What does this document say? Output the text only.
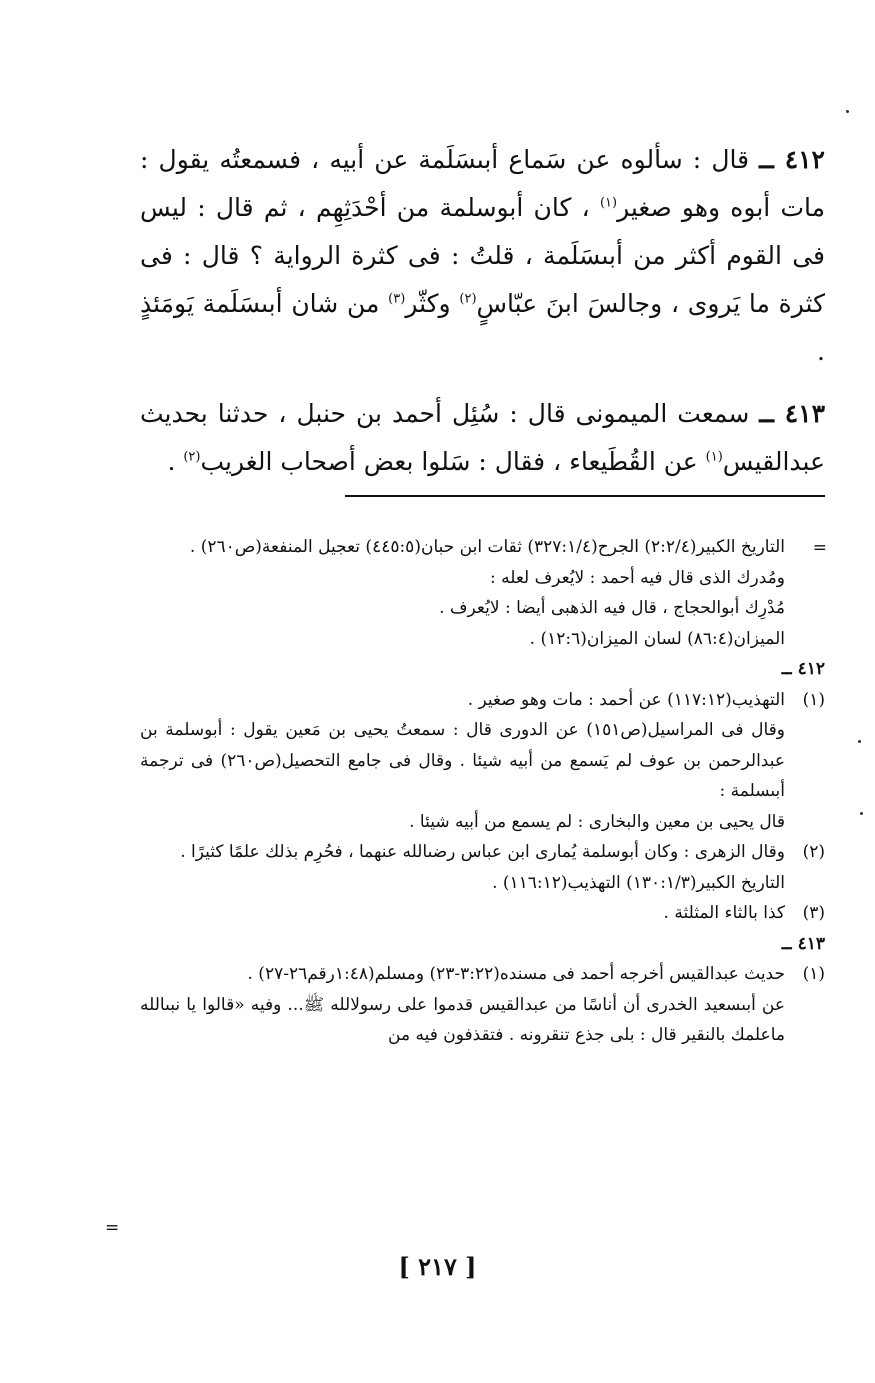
٤١٢ ــ قال : سألوه عن سَماع أبىسَلَمة عن أبيه ، فسمعتُه يقول : مات أبوه وهو صغير$^{(١)}$ ، كان أبوسلمة من أحْدَثِهِم ، ثم قال : ليس فى القوم أكثر من أبىسَلَمة ، قلتُ : فى كثرة الرواية ؟ قال : فى كثرة ما يَروى ، وجالسَ ابنَ عبّاسٍ$^{(٢)}$ وكثّر$^{(٣)}$ من شان أبىسَلَمة يَومَئذٍ .

٤١٣ ــ سمعت الميمونى قال : سُئِل أحمد بن حنبل ، حدثنا بحديث عبدالقيس$^{(١)}$ عن القُطَيعاء ، فقال : سَلوا بعض أصحاب الغريب$^{(٢)}$ .

=

التاريخ الكبير(٢:٢/٤) الجرح(٣٢٧:١/٤) ثقات ابن حبان(٤٤٥:٥) تعجيل المنفعة(ص٢٦٠) .

ومُدرك الذى قال فيه أحمد : لايُعرف لعله :

مُدْرِك أبوالحجاج ، قال فيه الذهبى أيضا : لايُعرف .

الميزان(٨٦:٤) لسان الميزان(١٢:٦) .

٤١٢ ــ

(١)

التهذيب(١١٧:١٢) عن أحمد : مات وهو صغير .

وقال فى المراسيل(ص١٥١) عن الدورى قال : سمعتُ يحيى بن مَعين يقول : أبوسلمة بن عبدالرحمن بن عوف لم يَسمع من أبيه شيئا . وقال فى جامع التحصيل(ص٢٦٠) فى ترجمة أبىسلمة :

قال يحيى بن معين والبخارى : لم يسمع من أبيه شيئا .

(٢)

وقال الزهرى : وكان أبوسلمة يُمارى ابن عباس رضىالله عنهما ، فحُرِم بذلك علمًا كثيرًا .

التاريخ الكبير(١٣٠:١/٣) التهذيب(١١٦:١٢) .

(٣)

كذا بالثاء المثلثة .

٤١٣ ــ

(١)

حديث عبدالقيس أخرجه أحمد فى مسنده(٣:٢٢-٢٣) ومسلم(١:٤٨رقم٢٦-٢٧) .

عن أبىسعيد الخدرى أن أناسًا من عبدالقيس قدموا على رسولالله ﷺ... وفيه «قالوا يا نبىالله ماعلمك بالنقير قال : بلى جذع تنقرونه . فتقذفون فيه من

=
[ ٢١٧ ]
